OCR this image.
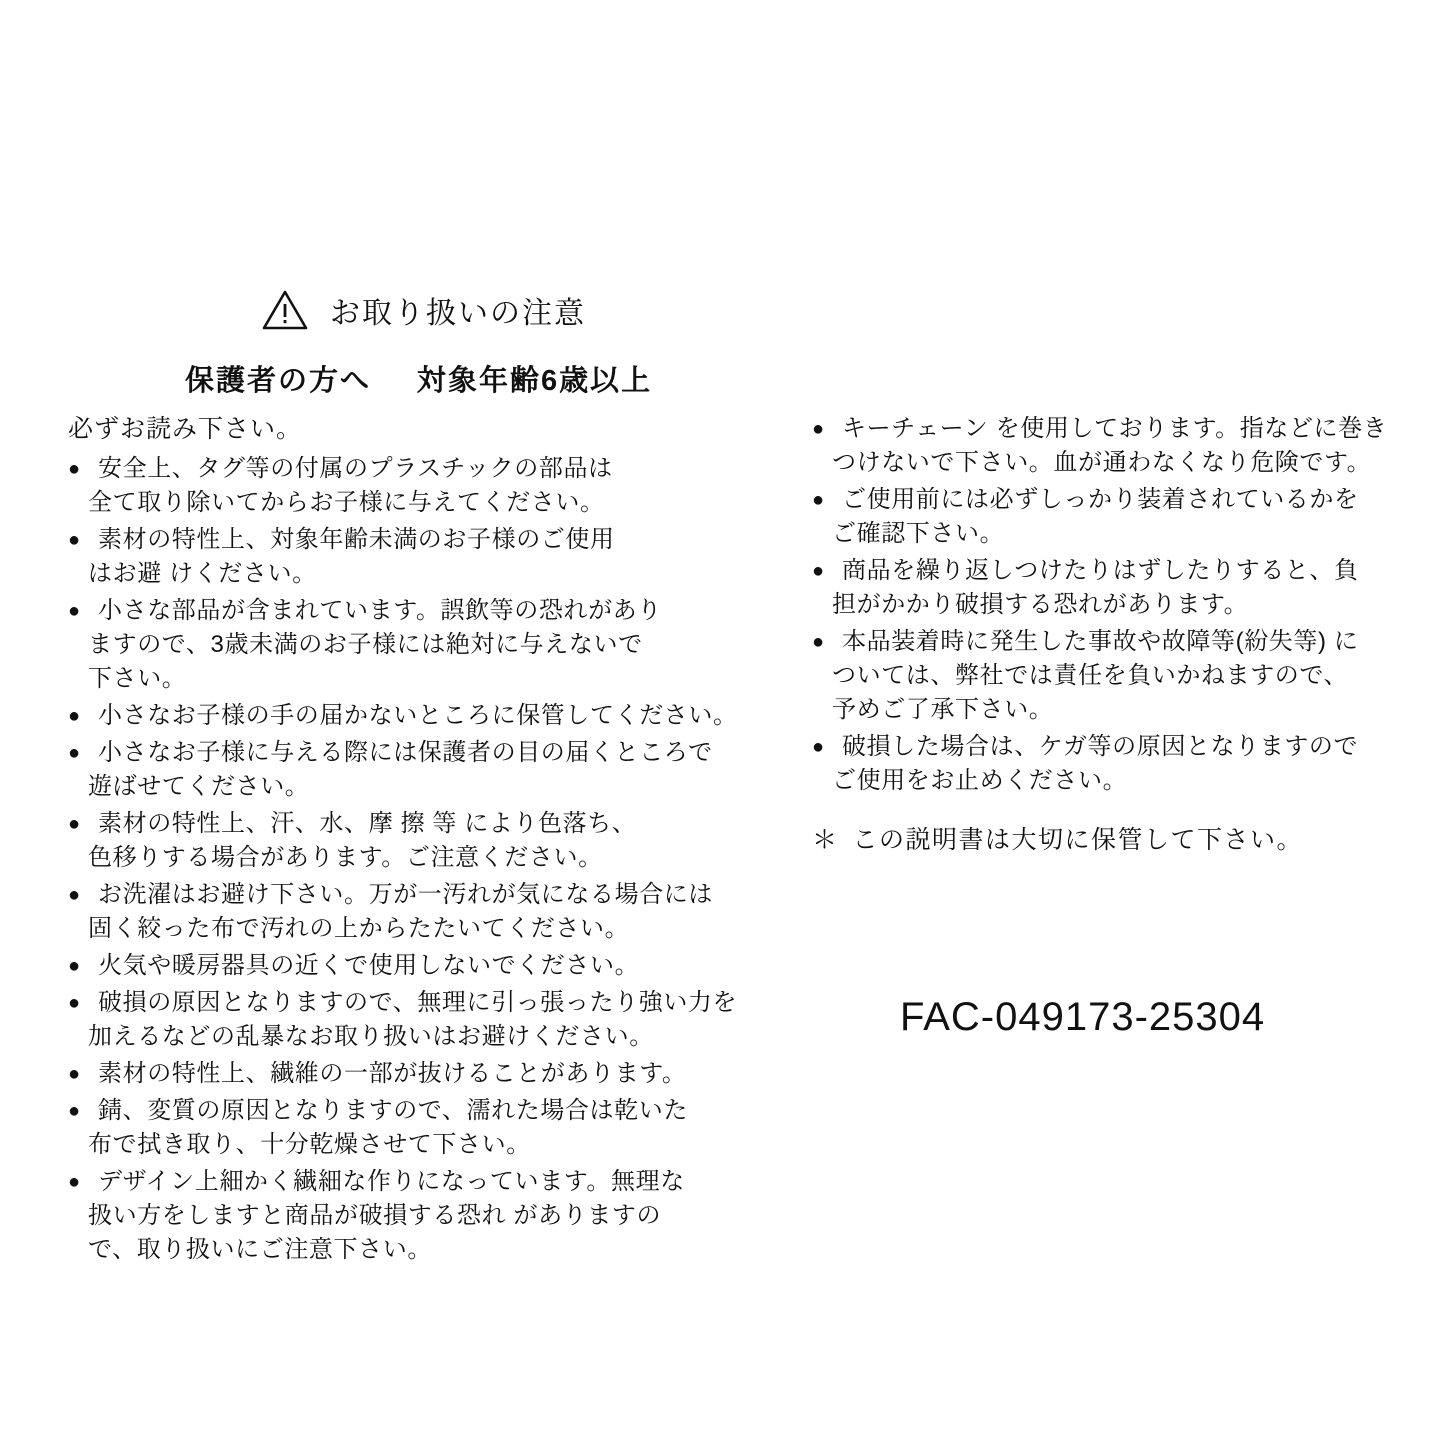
お取り扱いの注意
保護者の方へ 対象年齢6歳以上

必ずお読み下さい。

● 安全上、タグ等の付属のプラスチックの部品は
全て取り除いてからお子様に与えてください。
● 素材の特性上、対象年齢未満のお子様のご使用
はお避 けください。
● 小さな部品が含まれています。誤飲等の恐れがあり
ますので、3歳未満のお子様には絶対に与えないで
下さい。
● 小さなお子様の手の届かないところに保管してください。
● 小さなお子様に与える際には保護者の目の届くところで
遊ばせてください。
● 素材の特性上、汗、水、摩 擦 等 により色落ち、
色移りする場合があります。ご注意ください。
● お洗濯はお避け下さい。万が一汚れが気になる場合には
固く絞った布で汚れの上からたたいてください。
● 火気や暖房器具の近くで使用しないでください。
● 破損の原因となりますので、無理に引っ張ったり強い力を
加えるなどの乱暴なお取り扱いはお避けください。
● 素材の特性上、繊維の一部が抜けることがあります。
● 錆、変質の原因となりますので、濡れた場合は乾いた
布で拭き取り、十分乾燥させて下さい。
● デザイン上細かく繊細な作りになっています。無理な
扱い方をしますと商品が破損する恐れ がありますの
で、取り扱いにご注意下さい。
● キーチェーン を使用しております。指などに巻き
つけないで下さい。血が通わなくなり危険です。
● ご使用前には必ずしっかり装着されているかを
ご確認下さい。
● 商品を繰り返しつけたりはずしたりすると、負
担がかかり破損する恐れがあります。
● 本品装着時に発生した事故や故障等(紛失等) に
ついては、弊社では責任を負いかねますので、
予めご了承下さい。
● 破損した場合は、ケガ等の原因となりますので
ご使用をお止めください。
＊ この説明書は大切に保管して下さい。
FAC-049173-25304
